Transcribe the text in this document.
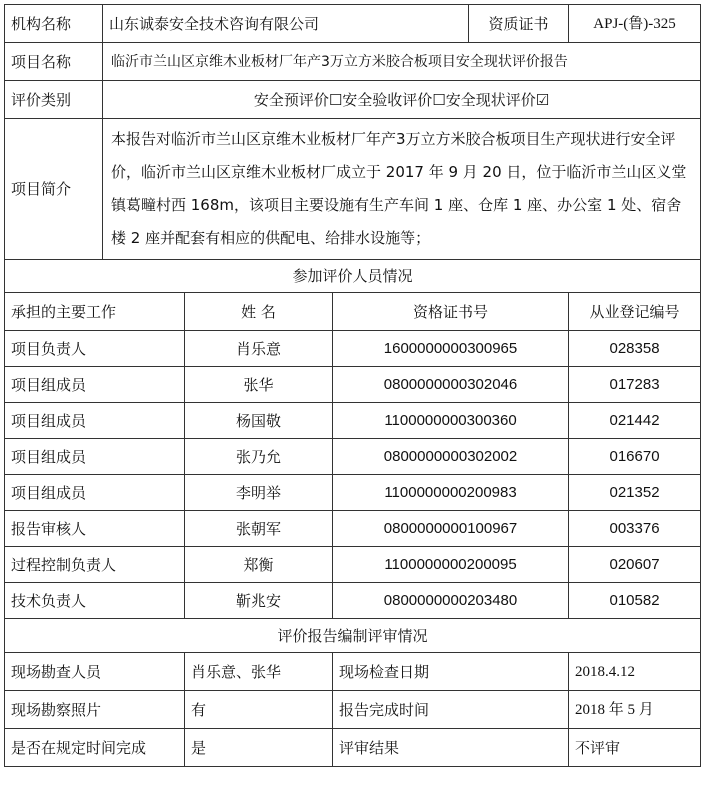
机构名称	山东诚泰安全技术咨询有限公司			资质证书	APJ-(鲁)-325
项目名称	临沂市兰山区京维木业板材厂年产3万立方米胶合板项目安全现状评价报告				
评价类别	安全预评价☐安全验收评价☐安全现状评价☑				
项目简介	本报告对临沂市兰山区京维木业板材厂年产3万立方米胶合板项目生产现状进行安全评价，临沂市兰山区京维木业板材厂成立于 2017 年 9 月 20 日，位于临沂市兰山区义堂镇葛疃村西 168m，该项目主要设施有生产车间 1 座、仓库 1 座、办公室 1 处、宿舍楼 2 座并配套有相应的供配电、给排水设施等；				
参加评价人员情况					
承担的主要工作		姓 名	资格证书号		从业登记编号
项目负责人		肖乐意	1600000000300965		028358
项目组成员		张华	0800000000302046		017283
项目组成员		杨国敬	1100000000300360		021442
项目组成员		张乃允	0800000000302002		016670
项目组成员		李明举	1100000000200983		021352
报告审核人		张朝军	0800000000100967		003376
过程控制负责人		郑衡	1100000000200095		020607
技术负责人		靳兆安	0800000000203480		010582
评价报告编制评审情况					
现场勘查人员		肖乐意、张华	现场检查日期		2018.4.12
现场勘察照片		有	报告完成时间		2018 年 5 月
是否在规定时间完成		是	评审结果		不评审
